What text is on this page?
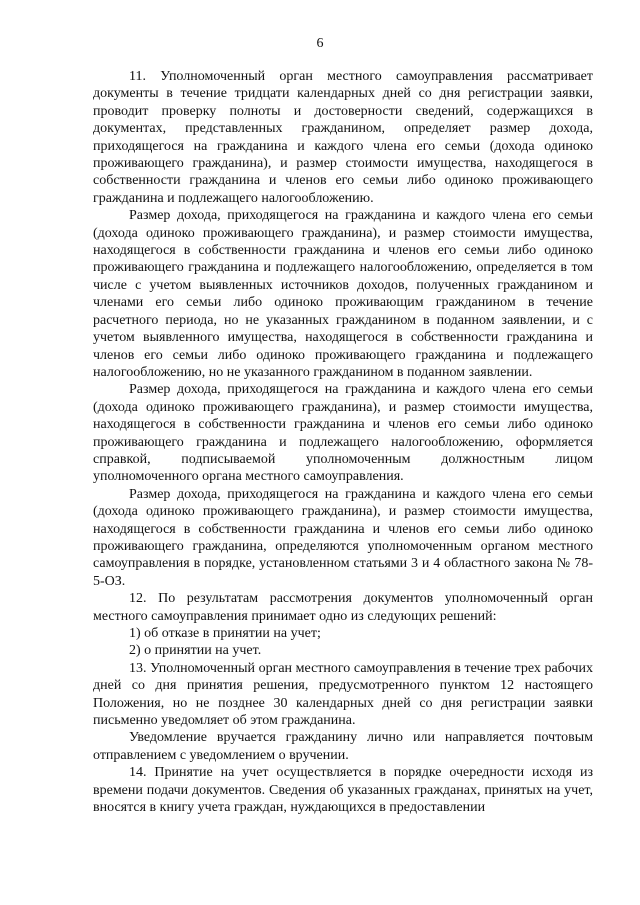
6

11. Уполномоченный орган местного самоуправления рассматривает документы в течение тридцати календарных дней со дня регистрации заявки, проводит проверку полноты и достоверности сведений, содержащихся в документах, представленных гражданином, определяет размер дохода, приходящегося на гражданина и каждого члена его семьи (дохода одиноко проживающего гражданина), и размер стоимости имущества, находящегося в собственности гражданина и членов его семьи либо одиноко проживающего гражданина и подлежащего налогообложению.

Размер дохода, приходящегося на гражданина и каждого члена его семьи (дохода одиноко проживающего гражданина), и размер стоимости имущества, находящегося в собственности гражданина и членов его семьи либо одиноко проживающего гражданина и подлежащего налогообложению, определяется в том числе с учетом выявленных источников доходов, полученных гражданином и членами его семьи либо одиноко проживающим гражданином в течение расчетного периода, но не указанных гражданином в поданном заявлении, и с учетом выявленного имущества, находящегося в собственности гражданина и членов его семьи либо одиноко проживающего гражданина и подлежащего налогообложению, но не указанного гражданином в поданном заявлении.

Размер дохода, приходящегося на гражданина и каждого члена его семьи (дохода одиноко проживающего гражданина), и размер стоимости имущества, находящегося в собственности гражданина и членов его семьи либо одиноко проживающего гражданина и подлежащего налогообложению, оформляется справкой, подписываемой уполномоченным должностным лицом уполномоченного органа местного самоуправления.

Размер дохода, приходящегося на гражданина и каждого члена его семьи (дохода одиноко проживающего гражданина), и размер стоимости имущества, находящегося в собственности гражданина и членов его семьи либо одиноко проживающего гражданина, определяются уполномоченным органом местного самоуправления в порядке, установленном статьями 3 и 4 областного закона № 78-5-ОЗ.

12. По результатам рассмотрения документов уполномоченный орган местного самоуправления принимает одно из следующих решений:

1) об отказе в принятии на учет;

2) о принятии на учет.

13. Уполномоченный орган местного самоуправления в течение трех рабочих дней со дня принятия решения, предусмотренного пунктом 12 настоящего Положения, но не позднее 30 календарных дней со дня регистрации заявки письменно уведомляет об этом гражданина.

Уведомление вручается гражданину лично или направляется почтовым отправлением с уведомлением о вручении.

14. Принятие на учет осуществляется в порядке очередности исходя из времени подачи документов. Сведения об указанных гражданах, принятых на учет, вносятся в книгу учета граждан, нуждающихся в предоставлении
